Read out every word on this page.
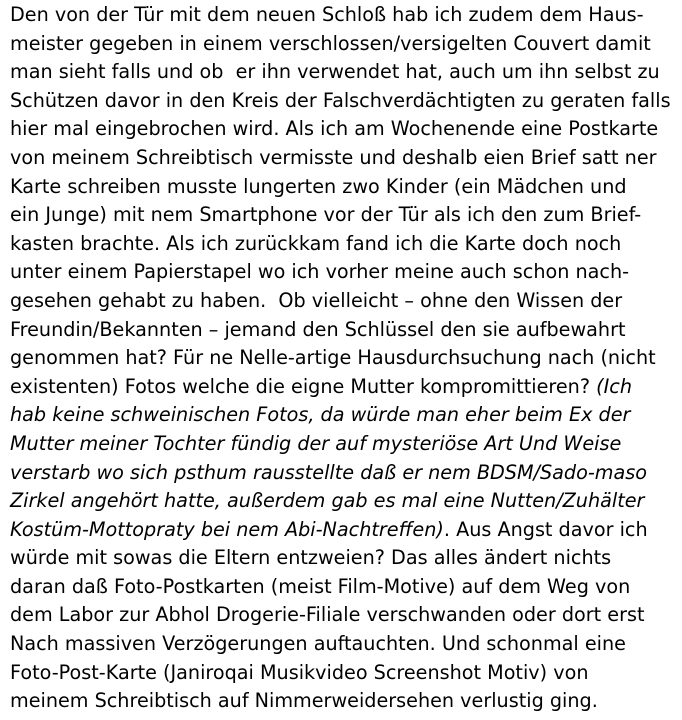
Den von der Tür mit dem neuen Schloß hab ich zudem dem Haus-
meister gegeben in einem verschlossen/versigelten Couvert damit
man sieht falls und ob  er ihn verwendet hat, auch um ihn selbst zu
Schützen davor in den Kreis der Falschverdächtigten zu geraten falls
hier mal eingebrochen wird. Als ich am Wochenende eine Postkarte
von meinem Schreibtisch vermisste und deshalb eien Brief satt ner
Karte schreiben musste lungerten zwo Kinder (ein Mädchen und
ein Junge) mit nem Smartphone vor der Tür als ich den zum Brief-
kasten brachte. Als ich zurückkam fand ich die Karte doch noch
unter einem Papierstapel wo ich vorher meine auch schon nach-
gesehen gehabt zu haben.  Ob vielleicht – ohne den Wissen der
Freundin/Bekannten – jemand den Schlüssel den sie aufbewahrt
genommen hat? Für ne Nelle-artige Hausdurchsuchung nach (nicht
existenten) Fotos welche die eigne Mutter kompromittieren? (Ich
hab keine schweinischen Fotos, da würde man eher beim Ex der
Mutter meiner Tochter fündig der auf mysteriöse Art Und Weise
verstarb wo sich psthum rausstellte daß er nem BDSM/Sado-maso
Zirkel angehört hatte, außerdem gab es mal eine Nutten/Zuhälter
Kostüm-Mottopraty bei nem Abi-Nachtreffen). Aus Angst davor ich
würde mit sowas die Eltern entzweien? Das alles ändert nichts
daran daß Foto-Postkarten (meist Film-Motive) auf dem Weg von
dem Labor zur Abhol Drogerie-Filiale verschwanden oder dort erst
Nach massiven Verzögerungen auftauchten. Und schonmal eine
Foto-Post-Karte (Janiroqai Musikvideo Screenshot Motiv) von
meinem Schreibtisch auf Nimmerweidersehen verlustig ging.
